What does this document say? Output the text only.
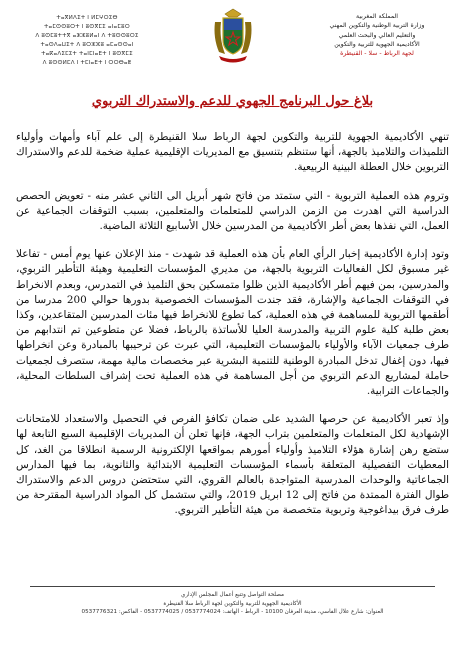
ⵜⴰⴳⵍⴷⵉⵜ ⵏ ⵍⵎⵖⵔⵉⴱ
ⵜⴰⵎⵙⵙⵓⵔⵜ ⵏ ⵓⵙⴳⵎⵉ ⴰⵏⴰⵎⵓⵔ
ⴷ ⵓⵙⵎⵓⵜⵜⴳ ⴰⵣⵣⵓⵍⴰⵏ ⴷ ⵜⵓⵙⵙⵓⵔⵉ
ⵜⴰⵙⴷⴰⵡⵉⵜ ⴷ ⵓⵔⵣⵣⵓ ⴰⵎⴰⵙⵙⴰⵏ
ⵜⴰⴽⴰⴷⵉⵎⵉⵜ ⵜⴰⵏⵎⵏⴰⴹⵜ ⵏ ⵓⵙⴳⵎⵉ
ⴷ ⵓⵙⵙⵍⵎⴷ ⵏ ⵜⵎⵏⴰⴹⵜ ⵏ ⵔⵔⴱⴰⵟ
المملكة المغربية
وزارة التربية الوطنية والتكوين المهني
والتعليم العالي والبحث العلمي
الأكاديمية الجهوية للتربية والتكوين
لجهة الرباط - سلا - القنيطرة
بلاغ حول البرنامج الجهوي للدعم والاستدراك التربوي

تنهي الأكاديمية الجهوية للتربية والتكوين لجهة الرباط سلا القنيطرة إلى علم آباء وأمهات وأولياء التلميذات والتلاميذ بالجهة، أنها ستنظم بتنسيق مع المديريات الإقليمية عملية ضخمة للدعم والاستدراك التربوين خلال العطلة البينية الربيعية.

وتروم هذه العملية التربوية - التي ستمتد من فاتح شهر أبريل الى الثاني عشر منه - تعويض الحصص الدراسية التي اهدرت من الزمن الدراسي للمتعلمات والمتعلمين، بسبب التوقفات الجماعية عن العمل، التي نفذها بعض أطر الأكاديمية من المدرسين خلال الأسابيع الثلاثة الماضية.

وتود إدارة الأكاديمية إخبار الرأي العام بأن هذه العملية قد شهدت - منذ الإعلان عنها يوم أمس - تفاعلا غير مسبوق لكل الفعاليات التربوية بالجهة، من مديري المؤسسات التعليمية وهيئة التأطير التربوي، والمدرسين، بمن فيهم أطر الأكاديمية الذين ظلوا متمسكين بحق التلميذ في التمدرس، وبعدم الانخراط في التوقفات الجماعية والإشارة، فقد جندت المؤسسات الخصوصية بدورها حوالي 200 مدرسا من أطقمها التربوية للمساهمة في هذه العملية، كما تطوع للانخراط فيها مئات المدرسين المتقاعدين، وكذا بعض طلبة كلية علوم التربية والمدرسة العليا للأساتذة بالرباط، فضلا عن متطوعين تم انتدابهم من طرف جمعيات الآباء والأولياء بالمؤسسات التعليمية، التي عبرت عن ترحيبها بالمبادرة وعن انخراطها فيها، دون إغفال تدخل المبادرة الوطنية للتنمية البشرية عبر مخصصات مالية مهمة، ستصرف لجمعيات حاملة لمشاريع الدعم التربوي من أجل المساهمة في هذه العملية تحت إشراف السلطات المحلية، والجماعات الترابية.

وإذ تعبر الأكاديمية عن حرصها الشديد على ضمان تكافؤ الفرص في التحصيل والاستعداد للامتحانات الإشهادية لكل المتعلمات والمتعلمين بتراب الجهة، فإنها تعلن أن المديريات الإقليمية السبع التابعة لها ستضع رهن إشارة هؤلاء التلاميذ وأولياء أمورهم بمواقعها الإلكترونية الرسمية انطلاقا من الغد، كل المعطيات التفصيلية المتعلقة بأسماء المؤسسات التعليمية الابتدائية والثانوية، بما فيها المدارس الجماعاتية والوحدات المدرسية المتواجدة بالعالم القروي، التي ستحتضن دروس الدعم والاستدراك طوال الفترة الممتدة من فاتح إلى 12 ابريل 2019، والتي ستشمل كل المواد الدراسية المقترحة من طرف فرق بيداغوجية وتربوية متخصصة من هيئة التأطير التربوي.

مصلحة التواصل وتتبع أعمال المجلس الإداري
الأكاديمية الجهوية للتربية والتكوين لجهة الرباط سلا القنيطرة
العنوان: شارع علال الفاسي، مدينة العرفان 10100 - الرباط - الهاتف: 0537774024 / 0537774025 - الفاكس: 0537776321
